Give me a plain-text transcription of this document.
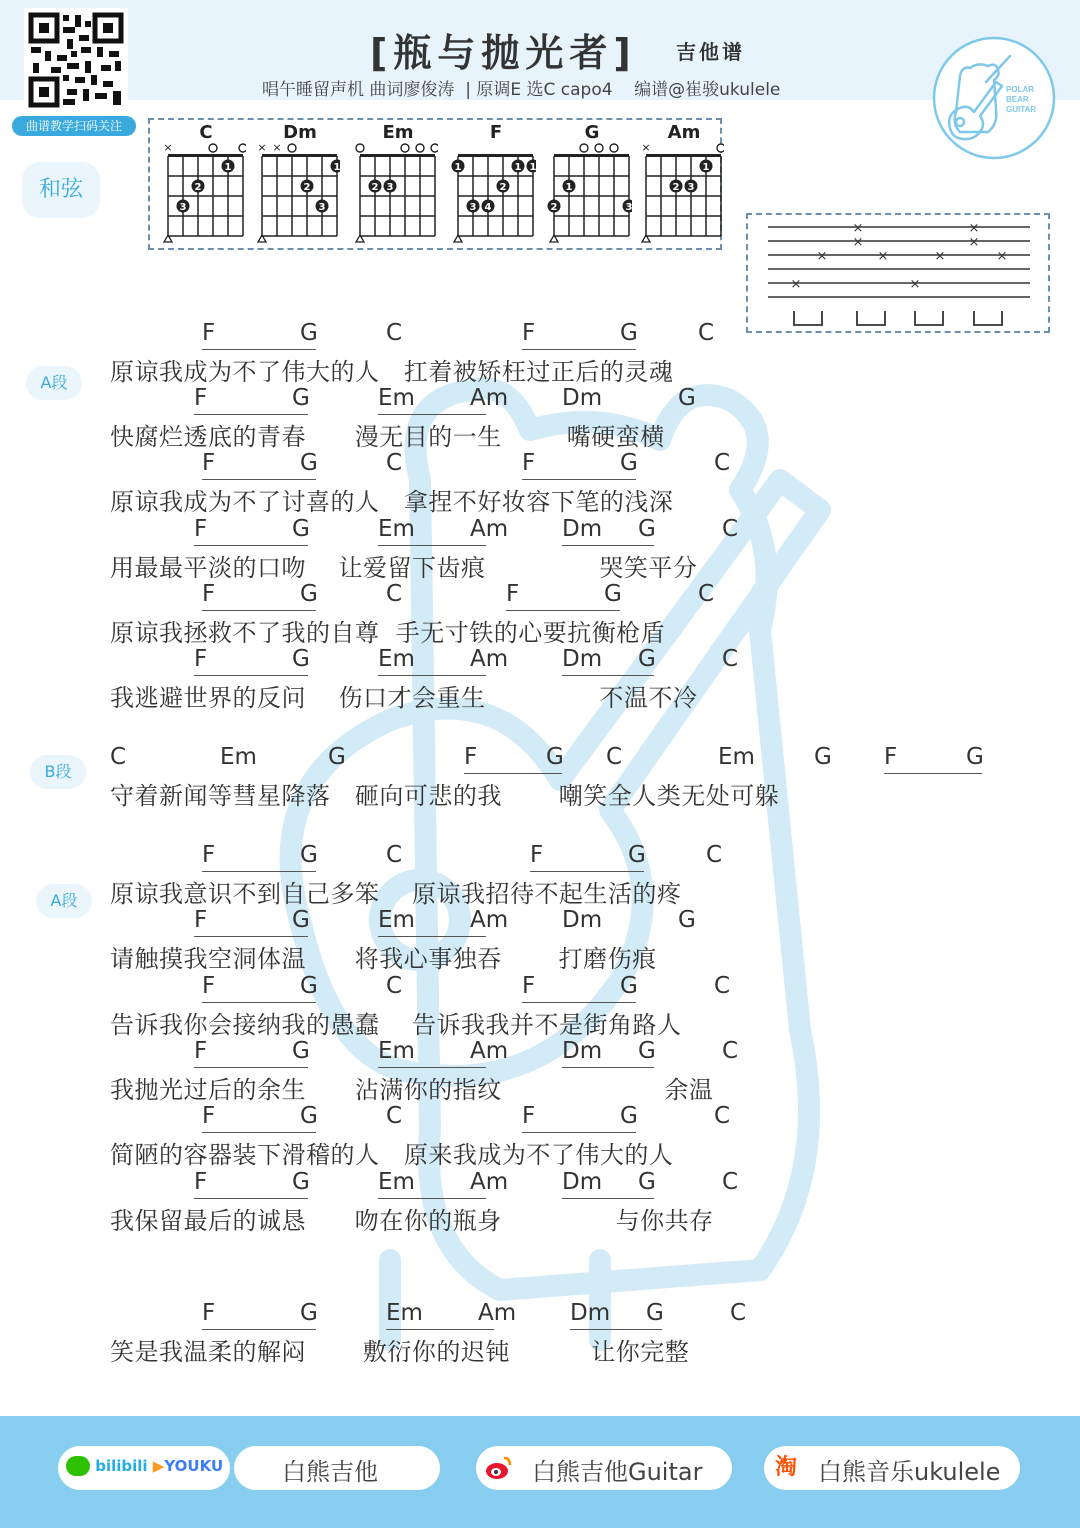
曲谱教学扫码关注
[瓶与抛光者] 吉他谱
唱午睡留声机 曲词廖俊涛  | 原调E 选C capo4    编谱@崔骏ukulele	POLAR
BEAR
GUITAR
和弦
A段
B段
A段
C
×
1
2
3
Dm
× ×
1
2
3
Em
2 3
F
1	1 1
2
3 4
G
1
2	3
Am
×
1
2 3
×
×
×
×
×
×
×
×
×
×
F	G	C	F	G	C
原谅我成为不了伟大的人   扛着被矫枉过正后的灵魂
F	G	Em Am Dm	G
快腐烂透底的青春      漫无目的一生        嘴硬蛮横
F	G	C	F	G	C
原谅我成为不了讨喜的人   拿捏不好妆容下笔的浅深
F	G	Em Am Dm G	C
用最最平淡的口吻    让爱留下齿痕              哭笑平分
F	G	C	F	G	C
原谅我拯救不了我的自尊  手无寸铁的心要抗衡枪盾
F	G	Em Am Dm G	C
我逃避世界的反问    伤口才会重生              不温不冷
C	Em	G	F	G C	Em	G F	G
守着新闻等彗星降落   砸向可悲的我       嘲笑全人类无处可躲
F	G	C	F	G	C
原谅我意识不到自己多笨    原谅我招待不起生活的疼
F	G	Em Am Dm	G
请触摸我空洞体温      将我心事独吞       打磨伤痕
F	G	C	F	G	C
告诉我你会接纳我的愚蠢    告诉我我并不是街角路人
F	G	Em Am Dm G	C
我抛光过后的余生      沾满你的指纹                    余温
F	G	C	F	G	C
简陋的容器装下滑稽的人   原来我成为不了伟大的人
F	G	Em Am Dm G	C
我保留最后的诚恳      吻在你的瓶身              与你共存
F	G	Em Am Dm G	C
笑是我温柔的解闷       敷衍你的迟钝          让你完整
bilibili ▶YOUKU 白熊吉他	白熊吉他Guitar	淘 白熊音乐ukulele
